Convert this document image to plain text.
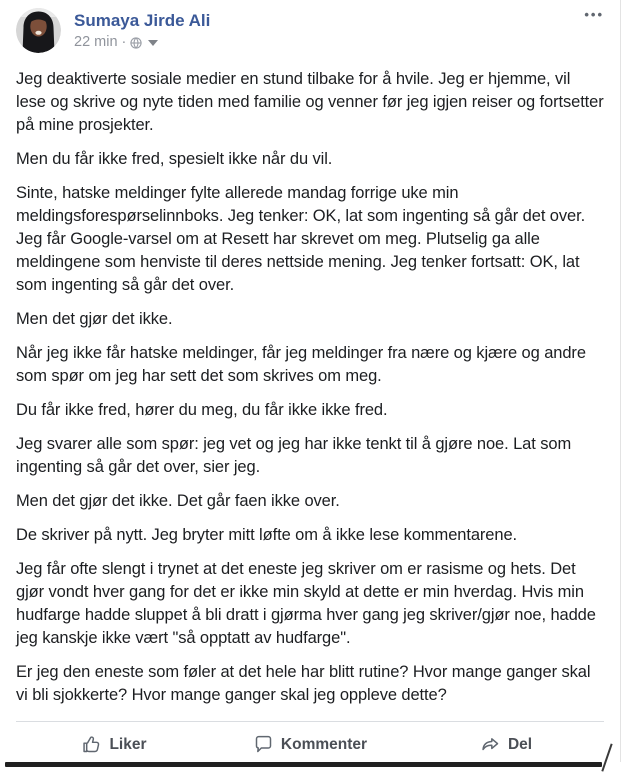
Sumaya Jirde Ali
22 min ·
•••

Jeg deaktiverte sosiale medier en stund tilbake for å hvile. Jeg er hjemme, vil lese og skrive og nyte tiden med familie og venner før jeg igjen reiser og fortsetter på mine prosjekter.

Men du får ikke fred, spesielt ikke når du vil.

Sinte, hatske meldinger fylte allerede mandag forrige uke min meldingsforespørselinnboks. Jeg tenker: OK, lat som ingenting så går det over. Jeg får Google-varsel om at Resett har skrevet om meg. Plutselig ga alle meldingene som henviste til deres nettside mening. Jeg tenker fortsatt: OK, lat som ingenting så går det over.

Men det gjør det ikke.

Når jeg ikke får hatske meldinger, får jeg meldinger fra nære og kjære og andre som spør om jeg har sett det som skrives om meg.

Du får ikke fred, hører du meg, du får ikke ikke fred.

Jeg svarer alle som spør: jeg vet og jeg har ikke tenkt til å gjøre noe. Lat som ingenting så går det over, sier jeg.

Men det gjør det ikke. Det går faen ikke over.

De skriver på nytt. Jeg bryter mitt løfte om å ikke lese kommentarene.

Jeg får ofte slengt i trynet at det eneste jeg skriver om er rasisme og hets. Det gjør vondt hver gang for det er ikke min skyld at dette er min hverdag. Hvis min hudfarge hadde sluppet å bli dratt i gjørma hver gang jeg skriver/gjør noe, hadde jeg kanskje ikke vært "så opptatt av hudfarge".

Er jeg den eneste som føler at det hele har blitt rutine? Hvor mange ganger skal vi bli sjokkerte? Hvor mange ganger skal jeg oppleve dette?

Liker	Kommenter	Del
